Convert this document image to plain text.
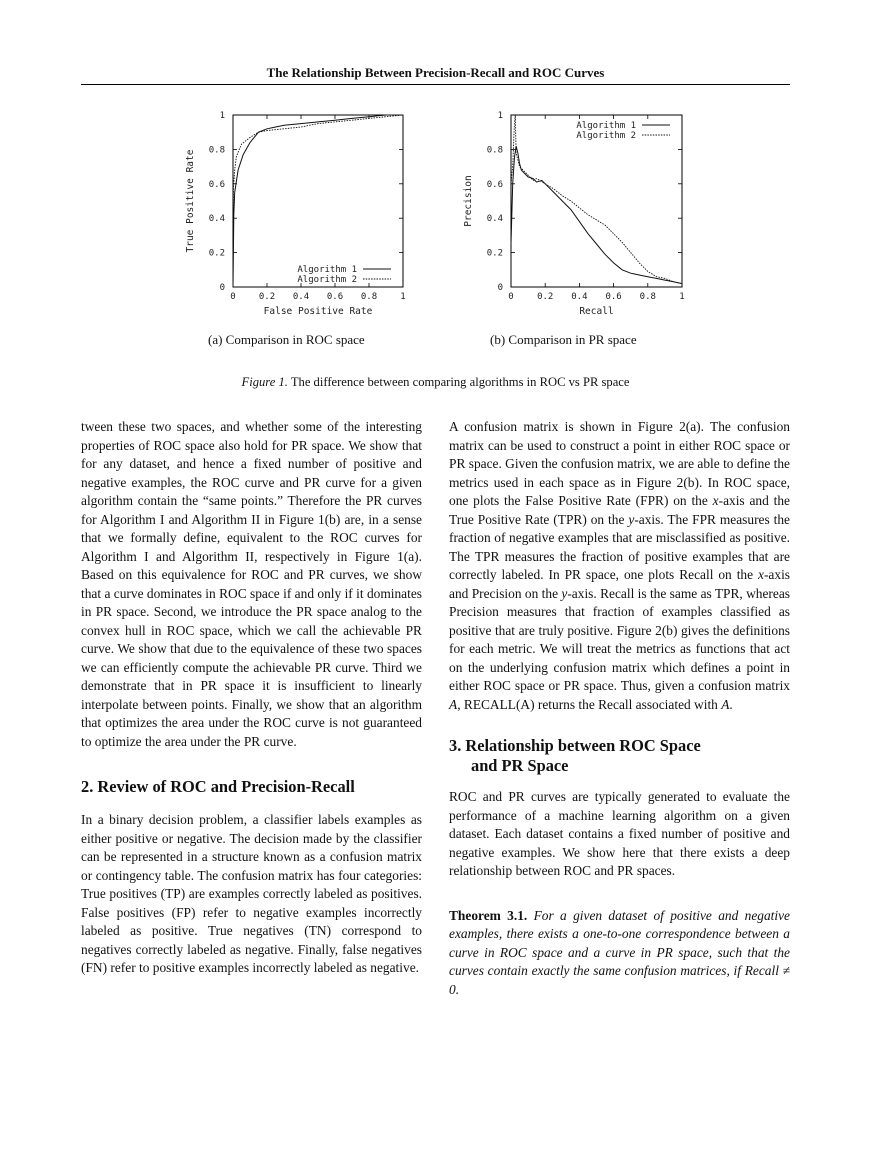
The Relationship Between Precision-Recall and ROC Curves
0	0.2 0.4 0.6 0.8	1
0
0.2
0.4
0.6
0.8
1
False Positive Rate
True Positive Rate
Algorithm 1
Algorithm 2
0	0.2 0.4 0.6 0.8	1
0
0.2
0.4
0.6
0.8
1
Recall
Precision
Algorithm 1
Algorithm 2
(a) Comparison in ROC space	(b) Comparison in PR space
Figure 1. The difference between comparing algorithms in ROC vs PR space

tween these two spaces, and whether some of the interesting properties of ROC space also hold for PR space. We show that for any dataset, and hence a fixed number of positive and negative examples, the ROC curve and PR curve for a given algorithm contain the “same points.” Therefore the PR curves for Algorithm I and Algorithm II in Figure 1(b) are, in a sense that we formally define, equivalent to the ROC curves for Algorithm I and Algorithm II, respectively in Figure 1(a). Based on this equivalence for ROC and PR curves, we show that a curve dominates in ROC space if and only if it dominates in PR space. Second, we introduce the PR space analog to the convex hull in ROC space, which we call the achievable PR curve. We show that due to the equivalence of these two spaces we can efficiently compute the achievable PR curve. Third we demonstrate that in PR space it is insufficient to linearly interpolate between points. Finally, we show that an algorithm that optimizes the area under the ROC curve is not guaranteed to optimize the area under the PR curve.

2. Review of ROC and Precision-Recall

In a binary decision problem, a classifier labels examples as either positive or negative. The decision made by the classifier can be represented in a structure known as a confusion matrix or contingency table. The confusion matrix has four categories: True positives (TP) are examples correctly labeled as positives. False positives (FP) refer to negative examples incorrectly labeled as positive. True negatives (TN) correspond to negatives correctly labeled as negative. Finally, false negatives (FN) refer to positive examples incorrectly labeled as negative.

A confusion matrix is shown in Figure 2(a). The confusion matrix can be used to construct a point in either ROC space or PR space. Given the confusion matrix, we are able to define the metrics used in each space as in Figure 2(b). In ROC space, one plots the False Positive Rate (FPR) on the x-axis and the True Positive Rate (TPR) on the y-axis. The FPR measures the fraction of negative examples that are misclassified as positive. The TPR measures the fraction of positive examples that are correctly labeled. In PR space, one plots Recall on the x-axis and Precision on the y-axis. Recall is the same as TPR, whereas Precision measures that fraction of examples classified as positive that are truly positive. Figure 2(b) gives the definitions for each metric. We will treat the metrics as functions that act on the underlying confusion matrix which defines a point in either ROC space or PR space. Thus, given a confusion matrix A, RECALL(A) returns the Recall associated with A.

3. Relationship between ROC Space
and PR Space

ROC and PR curves are typically generated to evaluate the performance of a machine learning algorithm on a given dataset. Each dataset contains a fixed number of positive and negative examples. We show here that there exists a deep relationship between ROC and PR spaces.

Theorem 3.1. For a given dataset of positive and negative examples, there exists a one-to-one correspondence between a curve in ROC space and a curve in PR space, such that the curves contain exactly the same confusion matrices, if Recall ≠ 0.
